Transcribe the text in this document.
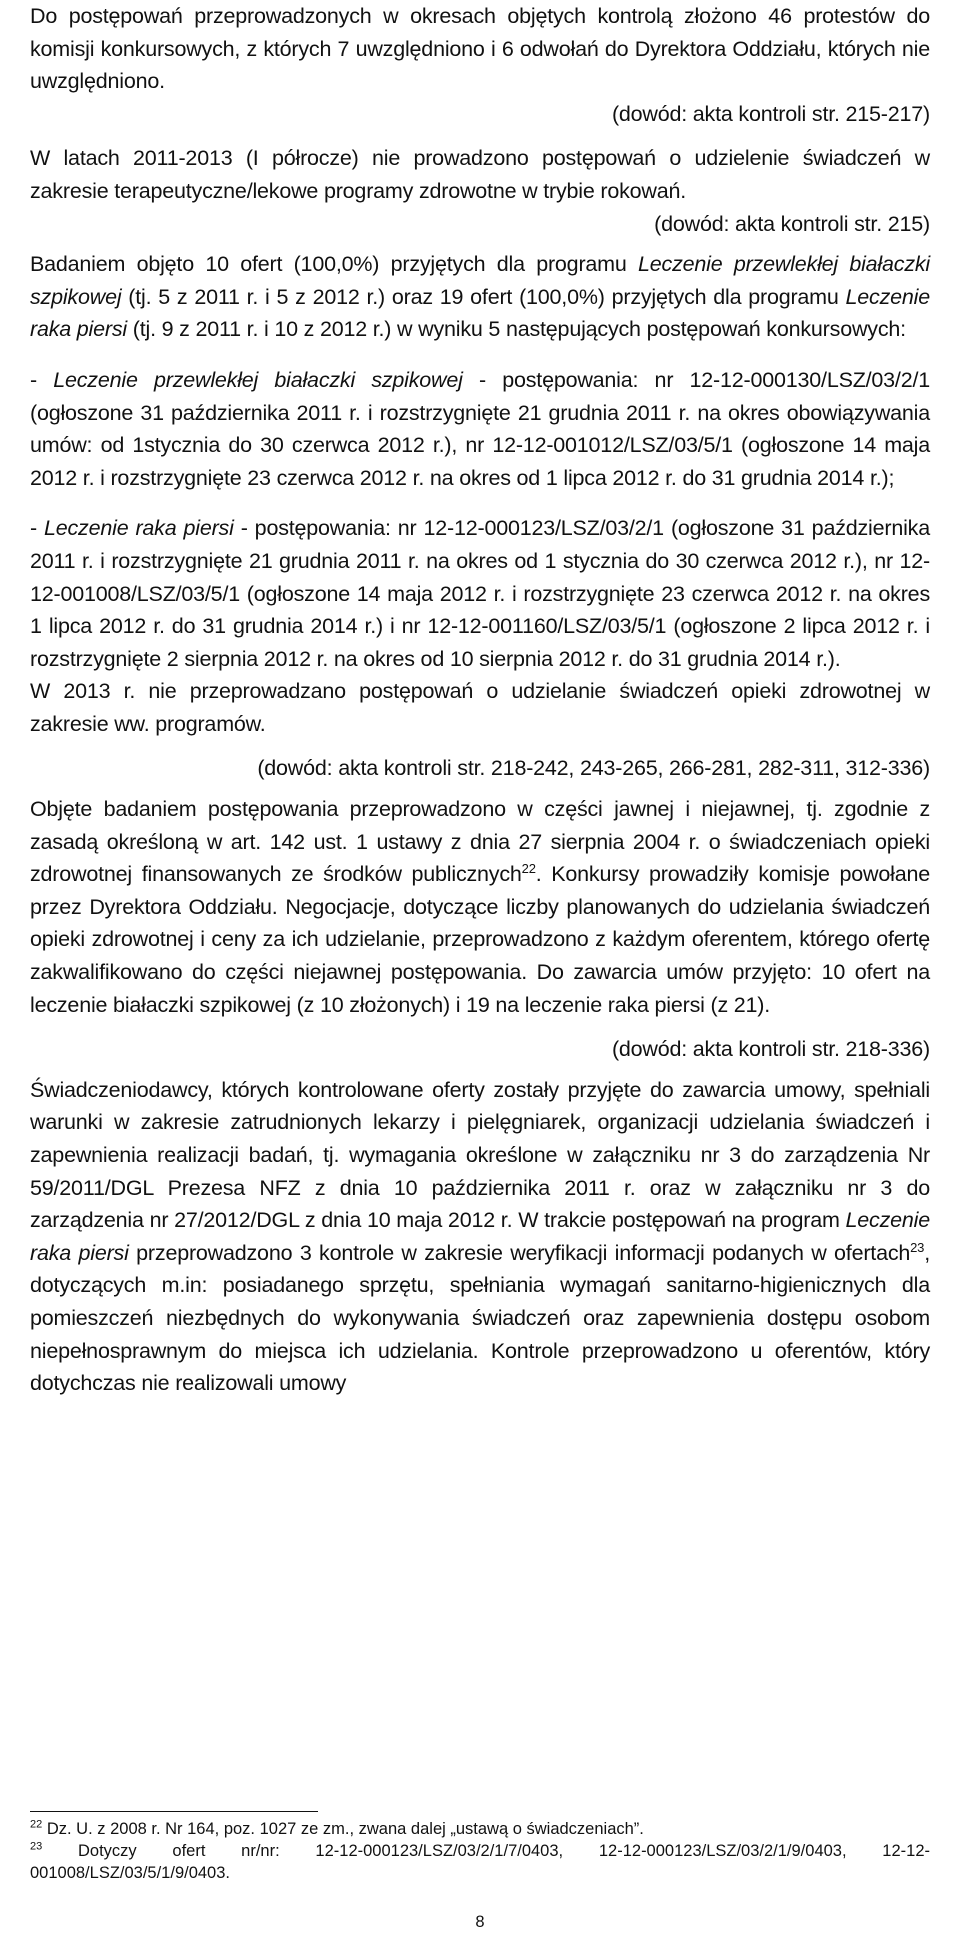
Do postępowań przeprowadzonych w okresach objętych kontrolą złożono 46 protestów do komisji konkursowych, z których 7 uwzględniono i 6 odwołań do Dyrektora Oddziału, których nie uwzględniono.

(dowód: akta kontroli str. 215-217)

W latach 2011-2013 (I półrocze) nie prowadzono postępowań o udzielenie świadczeń w zakresie terapeutyczne/lekowe programy zdrowotne w trybie rokowań.

(dowód: akta kontroli str. 215)

Badaniem objęto 10 ofert (100,0%) przyjętych dla programu Leczenie przewlekłej białaczki szpikowej (tj. 5 z 2011 r. i 5 z 2012 r.) oraz 19 ofert (100,0%) przyjętych dla programu Leczenie raka piersi (tj. 9 z 2011 r. i 10 z 2012 r.) w wyniku 5 następujących postępowań konkursowych:

- Leczenie przewlekłej białaczki szpikowej - postępowania: nr 12-12-000130/LSZ/03/2/1 (ogłoszone 31 października 2011 r. i rozstrzygnięte 21 grudnia 2011 r. na okres obowiązywania umów: od 1stycznia do 30 czerwca 2012 r.), nr 12-12-001012/LSZ/03/5/1 (ogłoszone 14 maja 2012 r. i rozstrzygnięte 23 czerwca 2012 r. na okres od 1 lipca 2012 r. do 31 grudnia 2014 r.);

- Leczenie raka piersi - postępowania: nr 12-12-000123/LSZ/03/2/1 (ogłoszone 31 października 2011 r. i rozstrzygnięte 21 grudnia 2011 r. na okres od 1 stycznia do 30 czerwca 2012 r.), nr 12-12-001008/LSZ/03/5/1 (ogłoszone 14 maja 2012 r. i rozstrzygnięte 23 czerwca 2012 r. na okres 1 lipca 2012 r. do 31 grudnia 2014 r.) i nr 12-12-001160/LSZ/03/5/1 (ogłoszone 2 lipca 2012 r. i rozstrzygnięte 2 sierpnia 2012 r. na okres od 10 sierpnia 2012 r. do 31 grudnia 2014 r.).

W 2013 r. nie przeprowadzano postępowań o udzielanie świadczeń opieki zdrowotnej w zakresie ww. programów.

(dowód: akta kontroli str. 218-242, 243-265, 266-281, 282-311, 312-336)

Objęte badaniem postępowania przeprowadzono w części jawnej i niejawnej, tj. zgodnie z zasadą określoną w art. 142 ust. 1 ustawy z dnia 27 sierpnia 2004 r. o świadczeniach opieki zdrowotnej finansowanych ze środków publicznych$^{22}$. Konkursy prowadziły komisje powołane przez Dyrektora Oddziału. Negocjacje, dotyczące liczby planowanych do udzielania świadczeń opieki zdrowotnej i ceny za ich udzielanie, przeprowadzono z każdym oferentem, którego ofertę zakwalifikowano do części niejawnej postępowania. Do zawarcia umów przyjęto: 10 ofert na leczenie białaczki szpikowej (z 10 złożonych) i 19 na leczenie raka piersi (z 21).

(dowód: akta kontroli str. 218-336)

Świadczeniodawcy, których kontrolowane oferty zostały przyjęte do zawarcia umowy, spełniali warunki w zakresie zatrudnionych lekarzy i pielęgniarek, organizacji udzielania świadczeń i zapewnienia realizacji badań, tj. wymagania określone w załączniku nr 3 do zarządzenia Nr 59/2011/DGL Prezesa NFZ z dnia 10 października 2011 r. oraz w załączniku nr 3 do zarządzenia nr 27/2012/DGL z dnia 10 maja 2012 r. W trakcie postępowań na program Leczenie raka piersi przeprowadzono 3 kontrole w zakresie weryfikacji informacji podanych w ofertach$^{23}$, dotyczących m.in: posiadanego sprzętu, spełniania wymagań sanitarno-higienicznych dla pomieszczeń niezbędnych do wykonywania świadczeń oraz zapewnienia dostępu osobom niepełnosprawnym do miejsca ich udzielania. Kontrole przeprowadzono u oferentów, który dotychczas nie realizowali umowy

$^{22}$ Dz. U. z 2008 r. Nr 164, poz. 1027 ze zm., zwana dalej „ustawą o świadczeniach”.

$^{23}$ Dotyczy ofert nr/nr: 12-12-000123/LSZ/03/2/1/7/0403, 12-12-000123/LSZ/03/2/1/9/0403, 12-12-001008/LSZ/03/5/1/9/0403.

8
